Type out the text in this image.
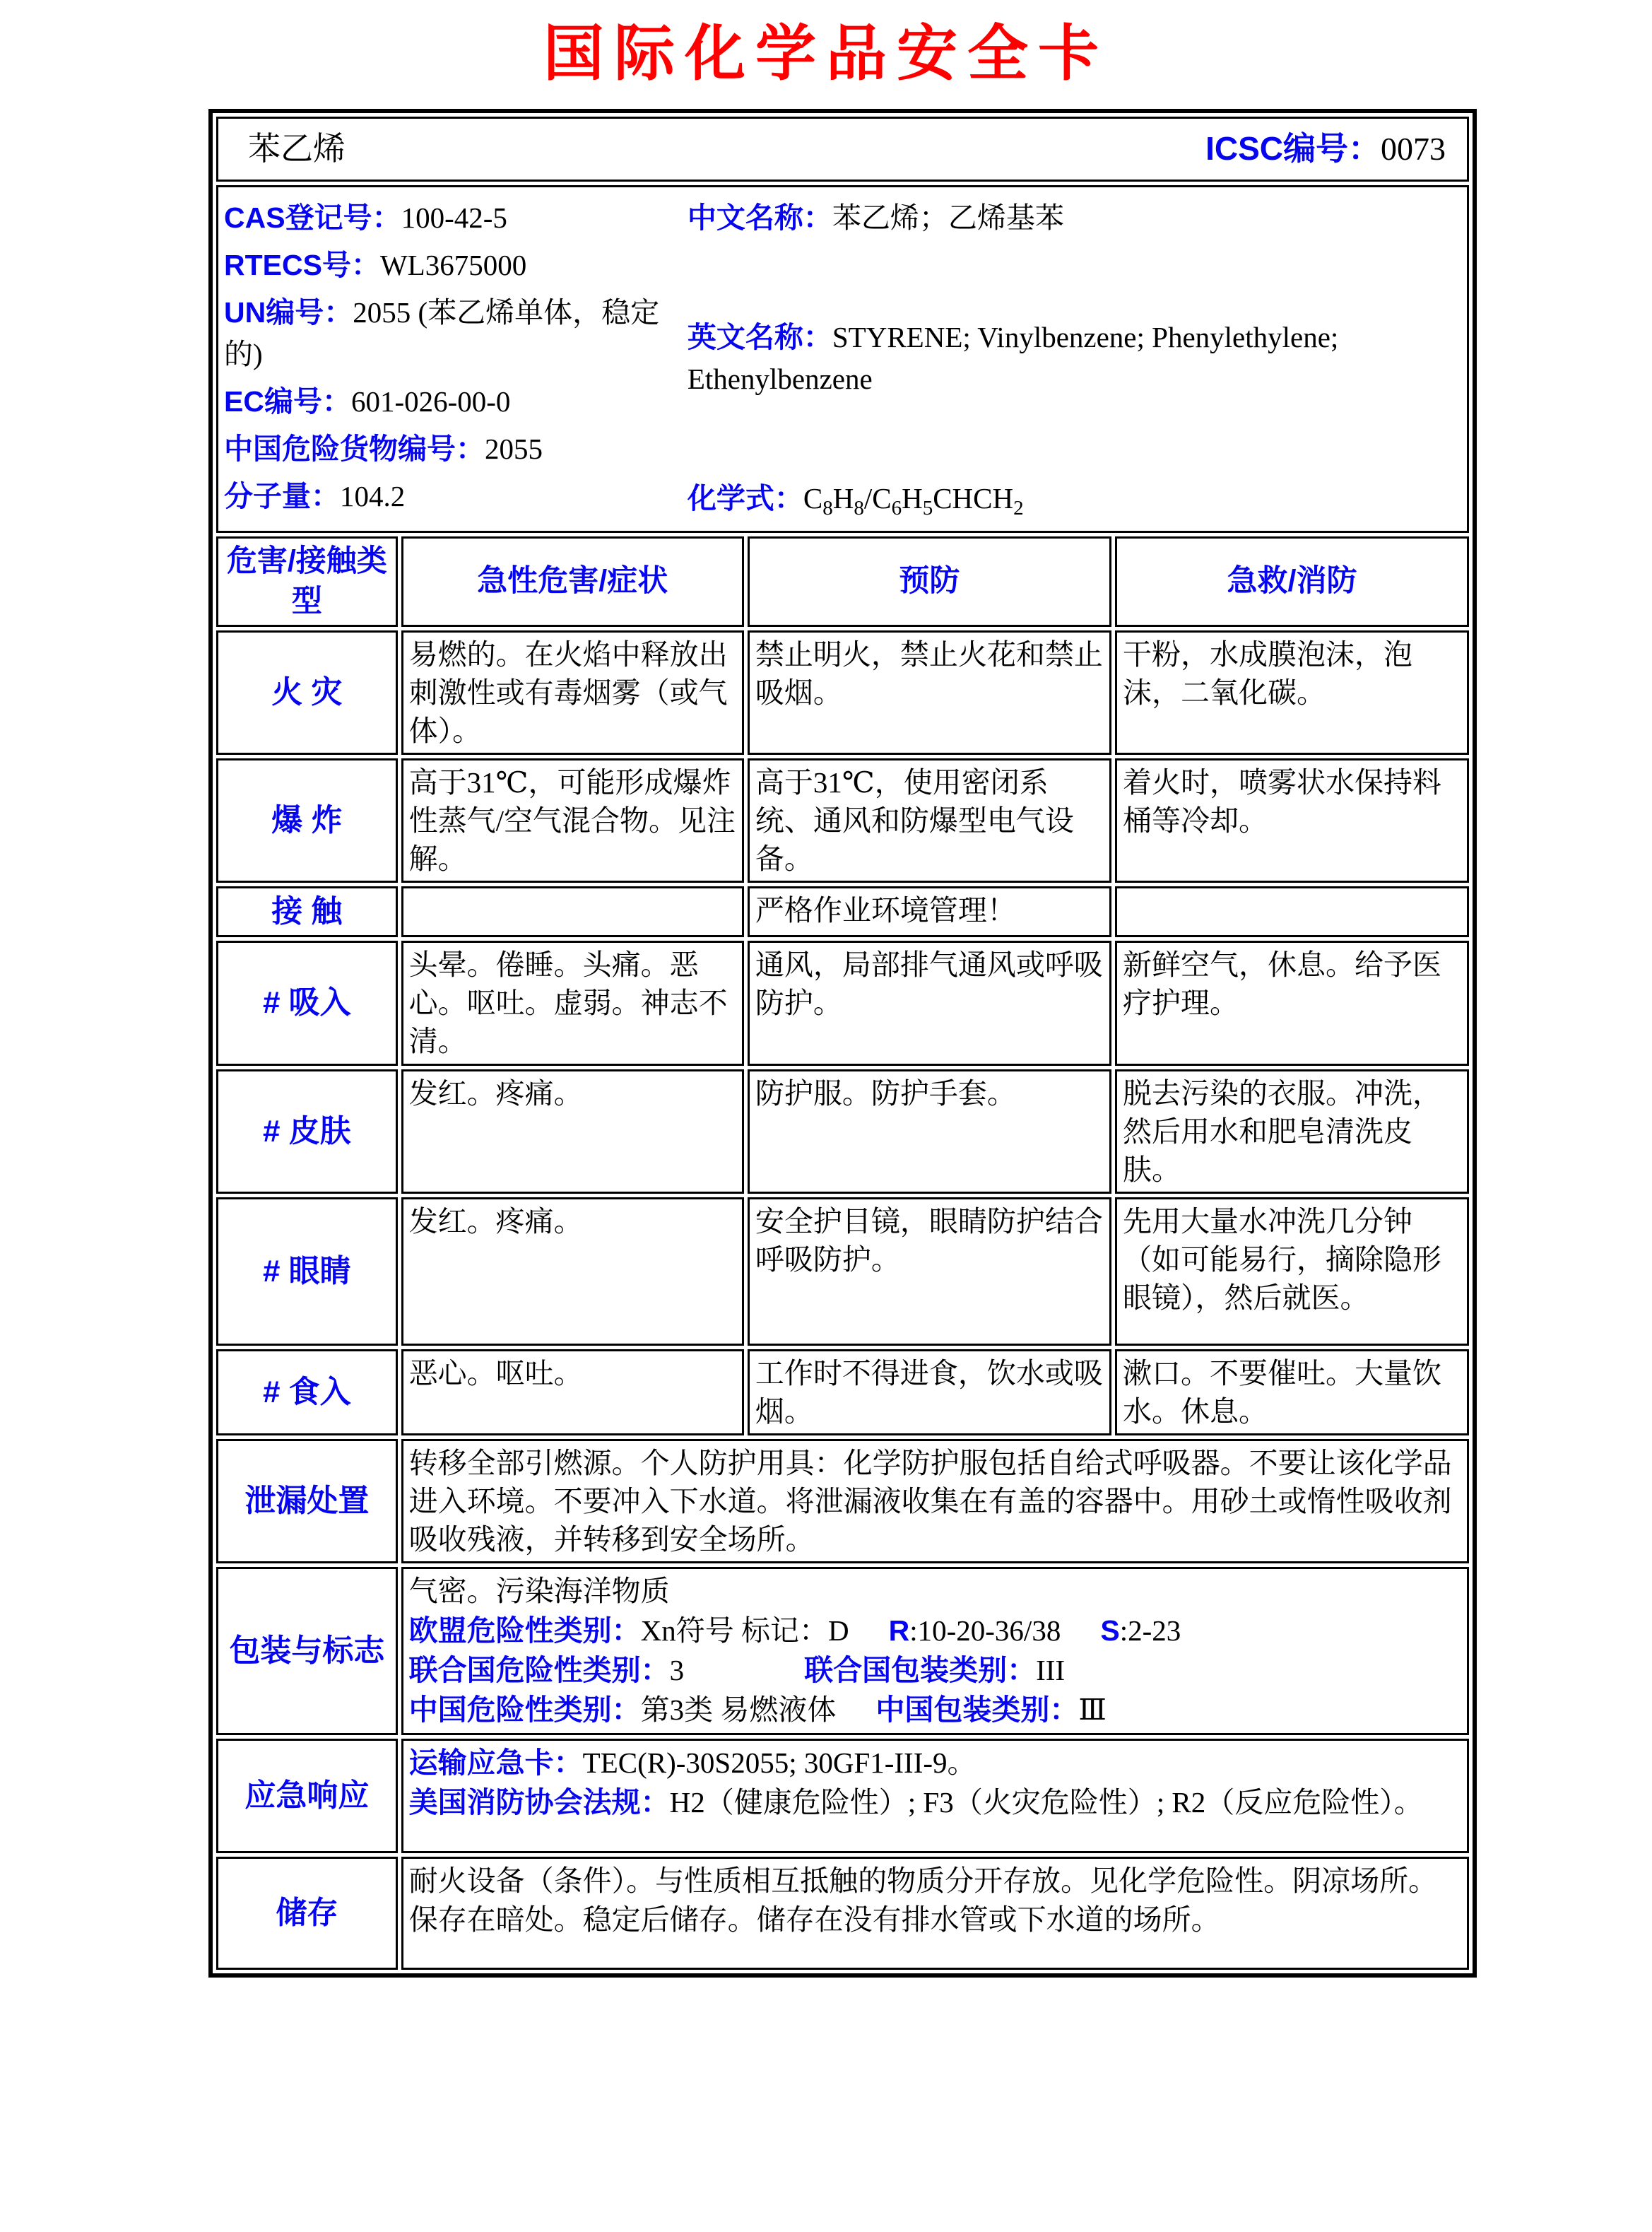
国际化学品安全卡
苯乙烯 ICSC编号：0073			

CAS登记号：100-42-5
RTECS号：WL3675000
UN编号：2055 (苯乙烯单体，稳定的)
EC编号：601-026-00-0
中国危险货物编号：2055
分子量：104.2
中文名称：苯乙烯；乙烯基苯
英文名称：STYRENE; Vinylbenzene; Phenylethylene; Ethenylbenzene
化学式：$C_8H_8/C_6H_5CHCH_2$

危害/接触类型	急性危害/症状	预防	急救/消防
火 灾	易燃的。在火焰中释放出刺激性或有毒烟雾（或气体）。	禁止明火，禁止火花和禁止吸烟。	干粉，水成膜泡沫，泡沫，二氧化碳。
爆 炸	高于31℃，可能形成爆炸性蒸气/空气混合物。见注解。	高于31℃，使用密闭系统、通风和防爆型电气设备。	着火时，喷雾状水保持料桶等冷却。
接 触		严格作业环境管理！	
# 吸入	头晕。倦睡。头痛。恶心。呕吐。虚弱。神志不清。	通风，局部排气通风或呼吸防护。	新鲜空气，休息。给予医疗护理。
# 皮肤	发红。疼痛。	防护服。防护手套。	脱去污染的衣服。冲洗，然后用水和肥皂清洗皮肤。
# 眼睛	发红。疼痛。	安全护目镜，眼睛防护结合呼吸防护。	先用大量水冲洗几分钟（如可能易行，摘除隐形眼镜），然后就医。
# 食入	恶心。呕吐。	工作时不得进食，饮水或吸烟。	漱口。不要催吐。大量饮水。休息。
泄漏处置	转移全部引燃源。个人防护用具：化学防护服包括自给式呼吸器。不要让该化学品进入环境。不要冲入下水道。将泄漏液收集在有盖的容器中。用砂土或惰性吸收剂吸收残液，并转移到安全场所。		
包装与标志	气密。污染海洋物质
欧盟危险性类别：Xn符号 标记：D R:10-20-36/38 S:2-23
联合国危险性类别：3 联合国包装类别：III
中国危险性类别：第3类 易燃液体 中国包装类别：Ⅲ		

应急响应	运输应急卡：TEC(R)-30S2055; 30GF1-III-9。
美国消防协会法规：H2（健康危险性）; F3（火灾危险性）; R2（反应危险性）。		

储存	耐火设备（条件）。与性质相互抵触的物质分开存放。见化学危险性。阴凉场所。保存在暗处。稳定后储存。储存在没有排水管或下水道的场所。		
